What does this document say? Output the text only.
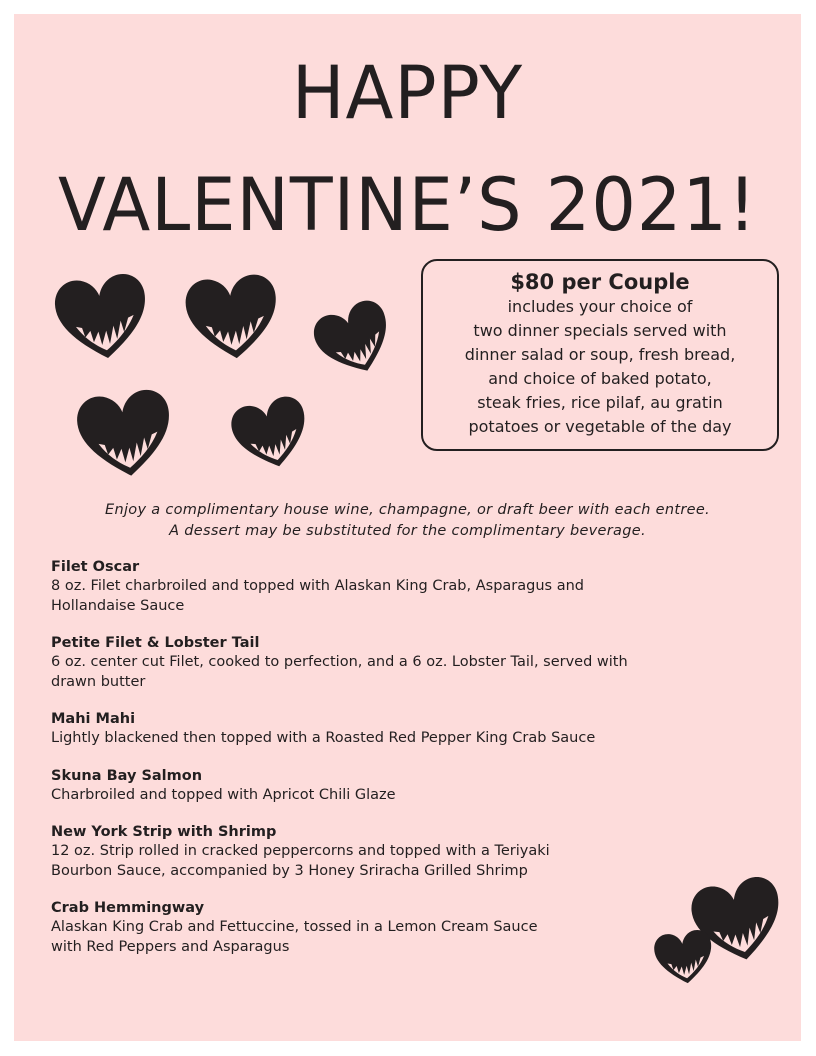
HAPPY
VALENTINE’S 2021!
$80 per Couple
includes your choice of
two dinner specials served with
dinner salad or soup, fresh bread,
and choice of baked potato,
steak fries, rice pilaf, au gratin
potatoes or vegetable of the day
Enjoy a complimentary house wine, champagne, or draft beer with each entree.
A dessert may be substituted for the complimentary beverage.
Filet Oscar
8 oz. Filet charbroiled and topped with Alaskan King Crab, Asparagus and
Hollandaise Sauce
Petite Filet & Lobster Tail
6 oz. center cut Filet, cooked to perfection, and a 6 oz. Lobster Tail, served with
drawn butter
Mahi Mahi
Lightly blackened then topped with a Roasted Red Pepper King Crab Sauce
Skuna Bay Salmon
Charbroiled and topped with Apricot Chili Glaze
New York Strip with Shrimp
12 oz. Strip rolled in cracked peppercorns and topped with a Teriyaki
Bourbon Sauce, accompanied by 3 Honey Sriracha Grilled Shrimp
Crab Hemmingway
Alaskan King Crab and Fettuccine, tossed in a Lemon Cream Sauce
with Red Peppers and Asparagus
